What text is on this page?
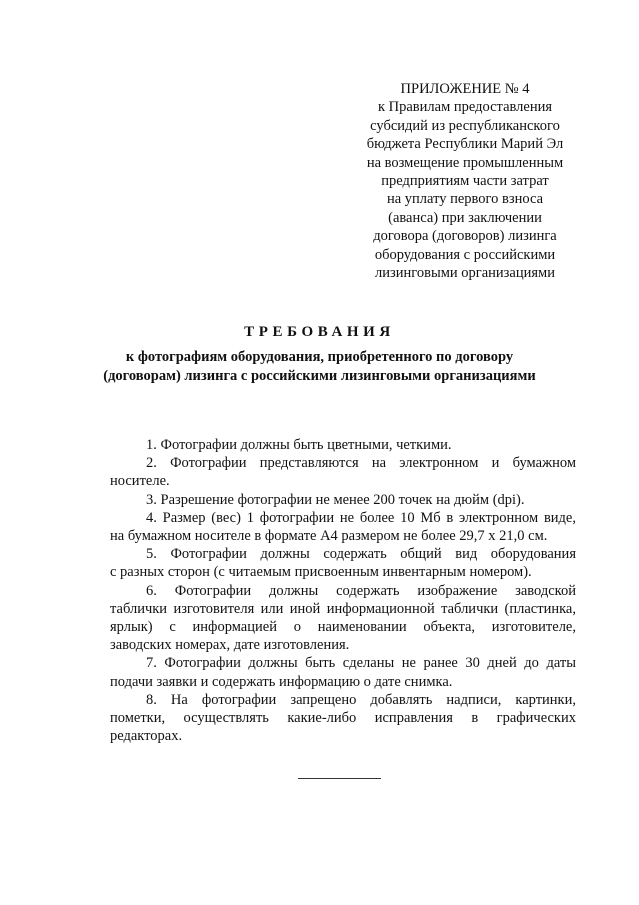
ПРИЛОЖЕНИЕ № 4
к Правилам предоставления
субсидий из республиканского
бюджета Республики Марий Эл
на возмещение промышленным
предприятиям части затрат
на уплату первого взноса
(аванса) при заключении
договора (договоров) лизинга
оборудования с российскими
лизинговыми организациями
ТРЕБОВАНИЯ
к фотографиям оборудования, приобретенного по договору
(договорам) лизинга с российскими лизинговыми организациями
1. Фотографии должны быть цветными, четкими.
2. Фотографии представляются на электронном и бумажном
носителе.
3. Разрешение фотографии не менее 200 точек на дюйм (dpi).
4. Размер (вес) 1 фотографии не более 10 Мб в электронном виде,
на бумажном носителе в формате А4 размером не более 29,7 х 21,0 см.
5. Фотографии должны содержать общий вид оборудования
с разных сторон (с читаемым присвоенным инвентарным номером).
6. Фотографии должны содержать изображение заводской
таблички изготовителя или иной информационной таблички (пластинка,
ярлык) с информацией о наименовании объекта, изготовителе,
заводских номерах, дате изготовления.
7. Фотографии должны быть сделаны не ранее 30 дней до даты
подачи заявки и содержать информацию о дате снимка.
8. На фотографии запрещено добавлять надписи, картинки,
пометки, осуществлять какие-либо исправления в графических
редакторах.
